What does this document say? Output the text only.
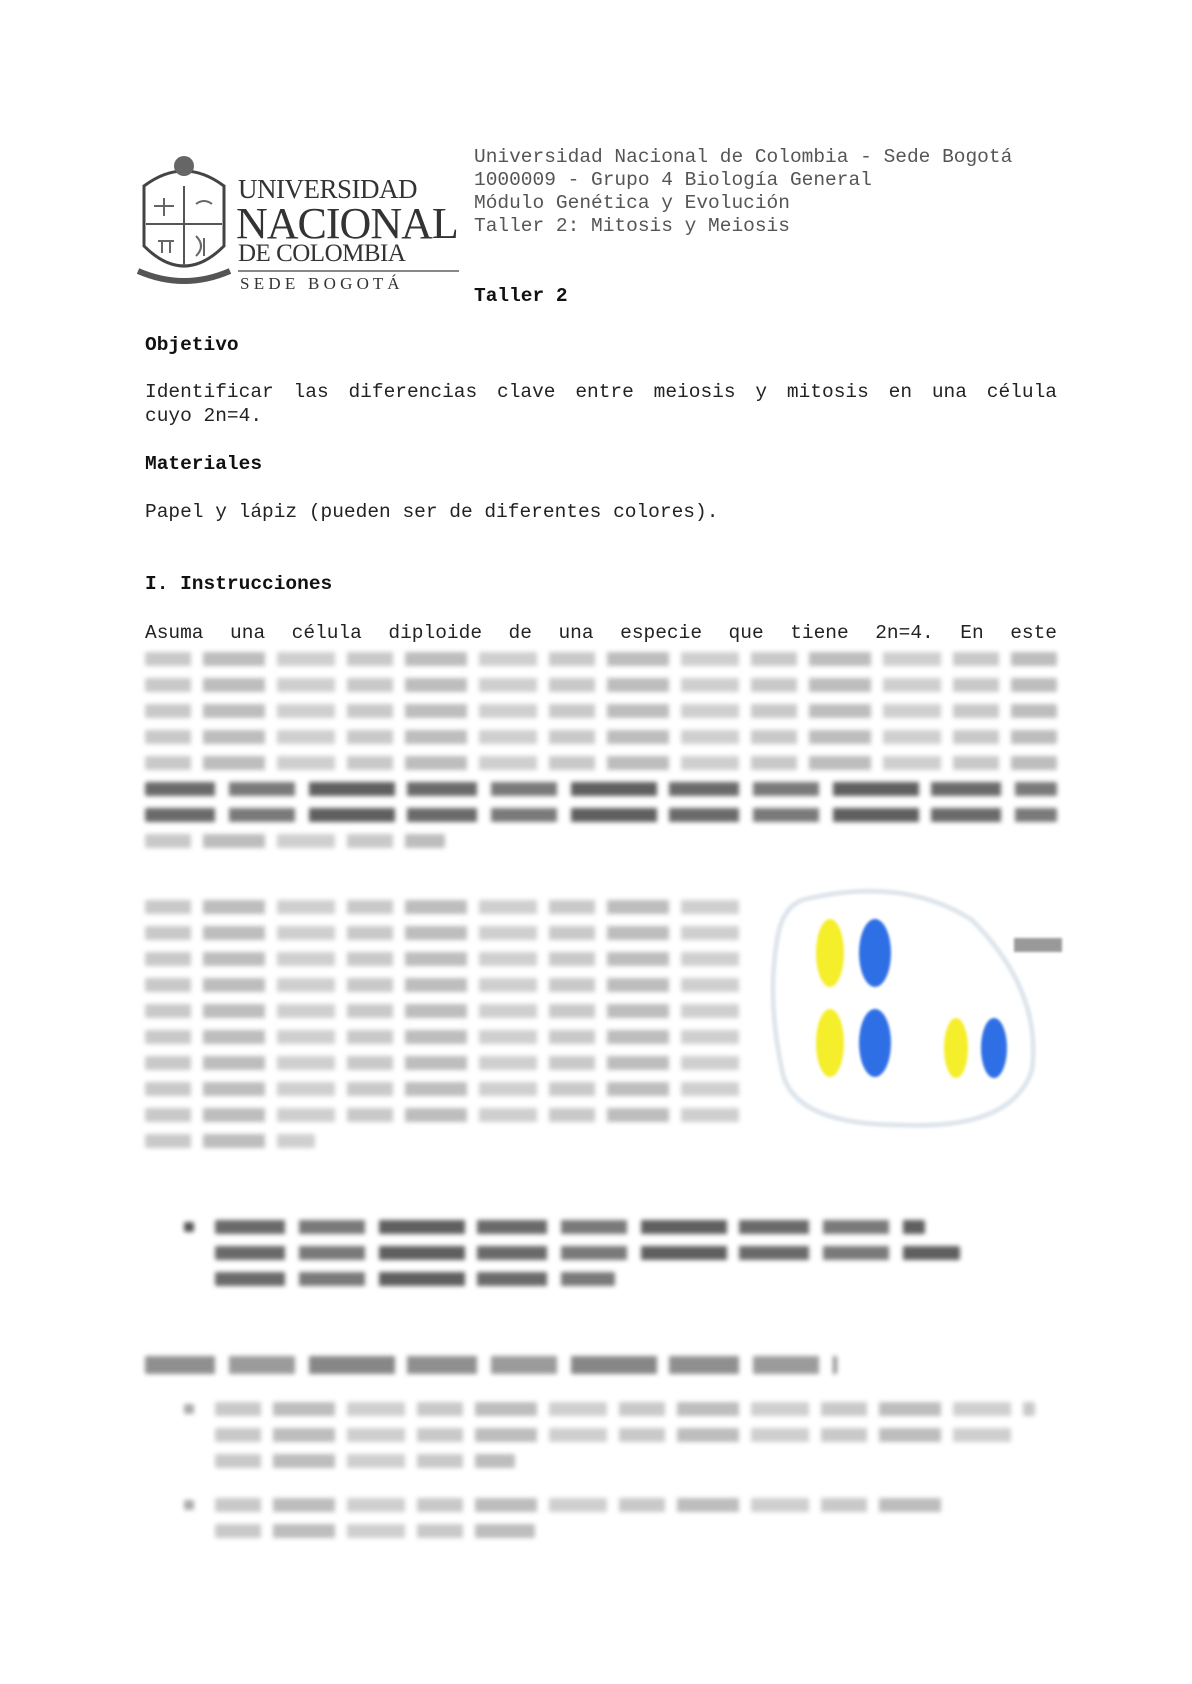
UNIVERSIDAD
NACIONAL
DE COLOMBIA
S E D E   B O G O T Á
Universidad Nacional de Colombia - Sede Bogotá
1000009 - Grupo 4 Biología General
Módulo Genética y Evolución
Taller 2: Mitosis y Meiosis
Taller 2
Objetivo
Identificar las diferencias clave entre meiosis y mitosis en una célula
cuyo 2n=4.
Materiales
Papel y lápiz (pueden ser de diferentes colores).
I. Instrucciones
Asuma una célula diploide de una especie que tiene 2n=4. En este
